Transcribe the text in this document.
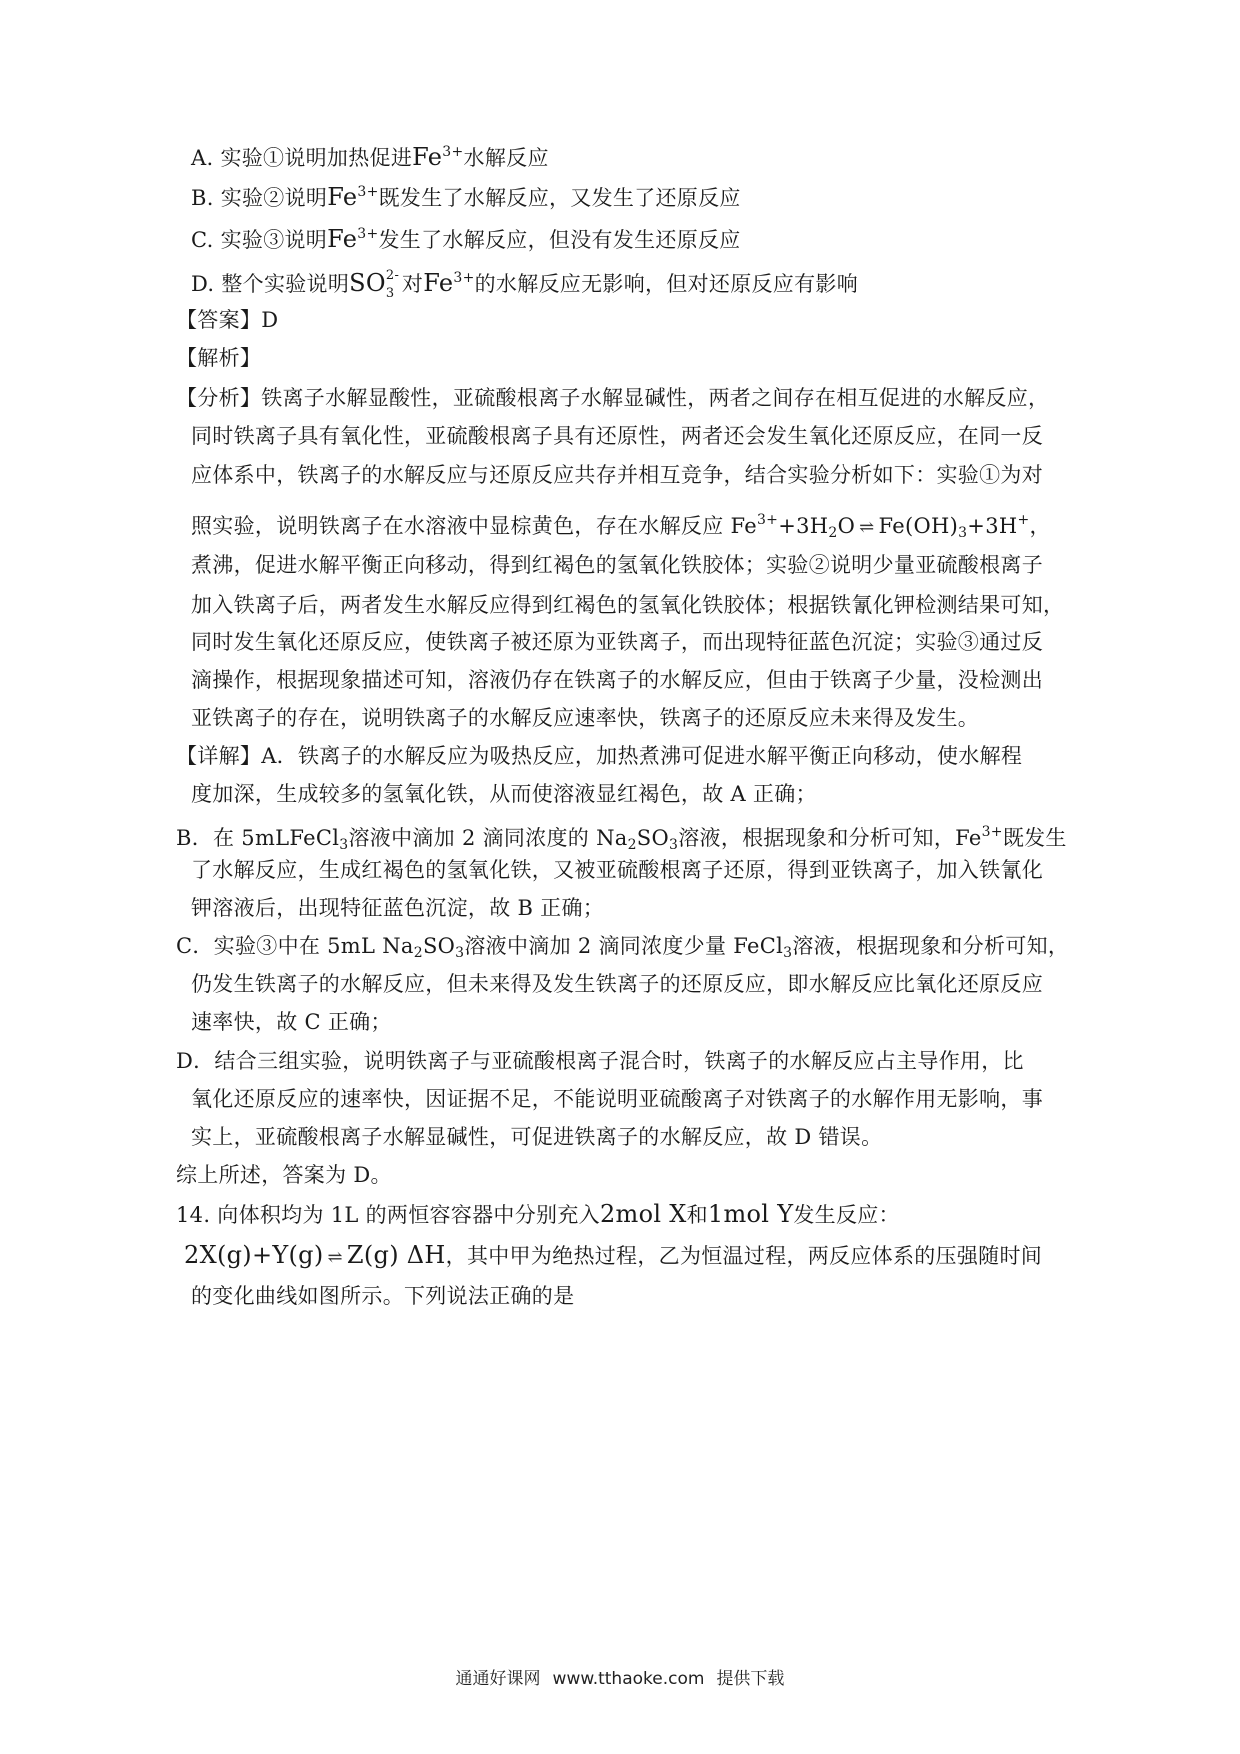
A. 实验①说明加热促进$Fe^{3+}$水解反应
B. 实验②说明$Fe^{3+}$既发生了水解反应，又发生了还原反应
C. 实验③说明$Fe^{3+}$发生了水解反应，但没有发生还原反应
D. 整个实验说明SO 2-
3 对$Fe^{3+}$的水解反应无影响，但对还原反应有影响
【答案】D
【解析】
【分析】铁离子水解显酸性，亚硫酸根离子水解显碱性，两者之间存在相互促进的水解反应，
同时铁离子具有氧化性，亚硫酸根离子具有还原性，两者还会发生氧化还原反应，在同一反
应体系中，铁离子的水解反应与还原反应共存并相互竞争，结合实验分析如下：实验①为对
照实验，说明铁离子在水溶液中显棕黄色，存在水解反应 $Fe^{3+}+3H_2O$ ⇌ $Fe(OH)_3+3H^+$，
煮沸，促进水解平衡正向移动，得到红褐色的氢氧化铁胶体；实验②说明少量亚硫酸根离子
加入铁离子后，两者发生水解反应得到红褐色的氢氧化铁胶体；根据铁氰化钾检测结果可知，
同时发生氧化还原反应，使铁离子被还原为亚铁离子，而出现特征蓝色沉淀；实验③通过反
滴操作，根据现象描述可知，溶液仍存在铁离子的水解反应，但由于铁离子少量，没检测出
亚铁离子的存在，说明铁离子的水解反应速率快，铁离子的还原反应未来得及发生。
【详解】A．铁离子的水解反应为吸热反应，加热煮沸可促进水解平衡正向移动，使水解程
度加深，生成较多的氢氧化铁，从而使溶液显红褐色，故 A 正确；
B．在 5mLFeCl$_3$溶液中滴加 2 滴同浓度的 $Na_2SO_3$溶液，根据现象和分析可知，$Fe^{3+}$既发生
了水解反应，生成红褐色的氢氧化铁，又被亚硫酸根离子还原，得到亚铁离子，加入铁氰化
钾溶液后，出现特征蓝色沉淀，故 B 正确；
C．实验③中在 5mL $Na_2SO_3$溶液中滴加 2 滴同浓度少量 FeCl$_3$溶液，根据现象和分析可知，
仍发生铁离子的水解反应，但未来得及发生铁离子的还原反应，即水解反应比氧化还原反应
速率快，故 C 正确；
D．结合三组实验，说明铁离子与亚硫酸根离子混合时，铁离子的水解反应占主导作用，比
氧化还原反应的速率快，因证据不足，不能说明亚硫酸离子对铁离子的水解作用无影响，事
实上，亚硫酸根离子水解显碱性，可促进铁离子的水解反应，故 D 错误。
综上所述，答案为 D。
14. 向体积均为 1L 的两恒容容器中分别充入2mol X和1mol Y发生反应：
2X(g)+Y(g) ⇌ Z(g) ΔH，其中甲为绝热过程，乙为恒温过程，两反应体系的压强随时间
的变化曲线如图所示。下列说法正确的是
通通好课网 www.tthaoke.com 提供下载
